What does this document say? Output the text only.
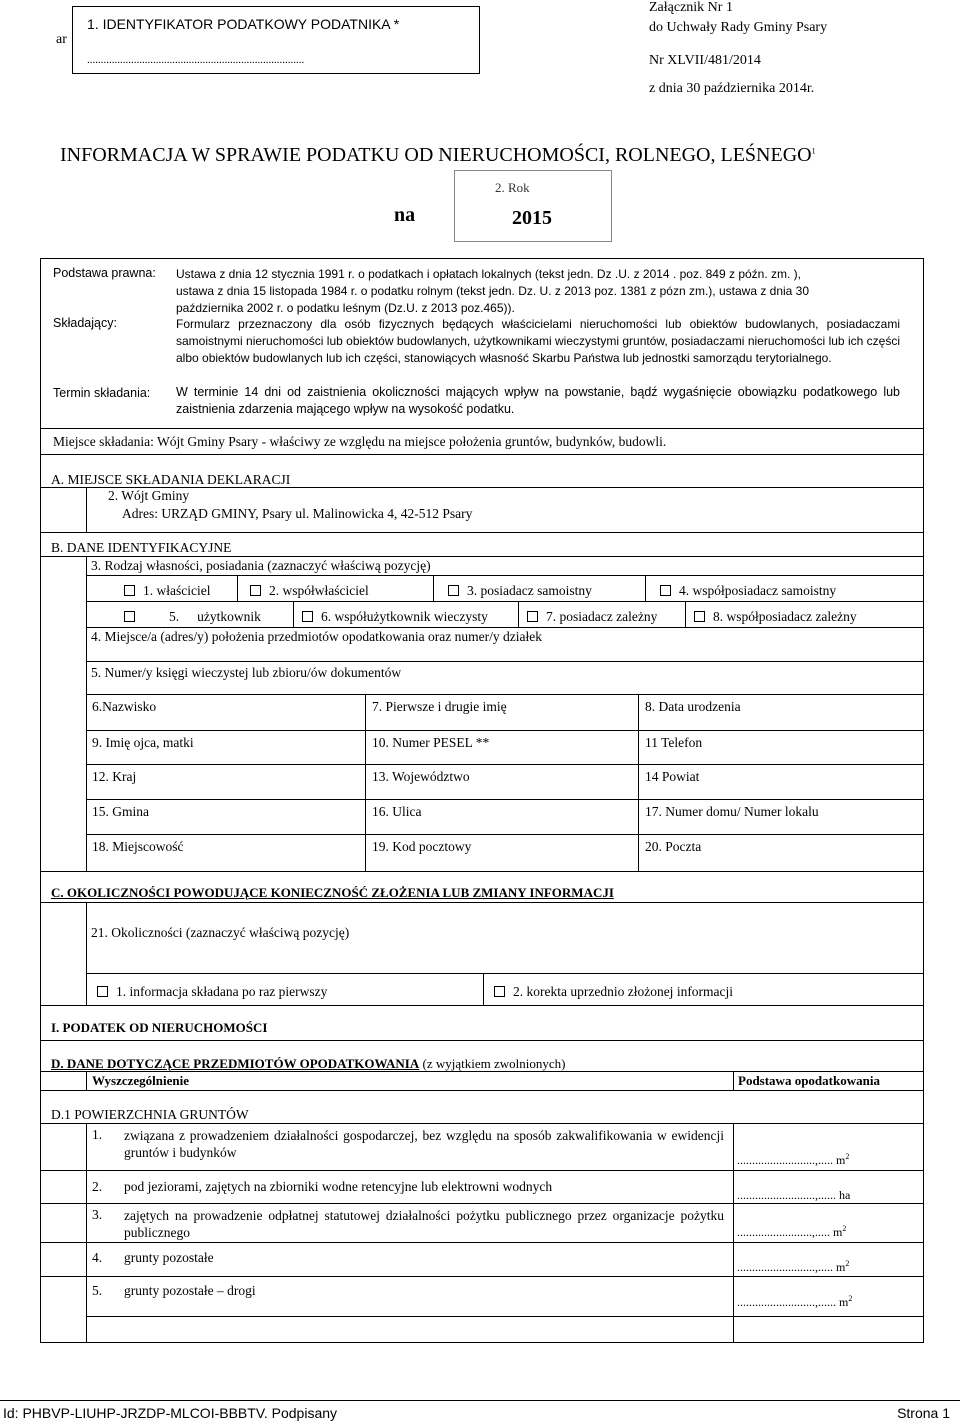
ar
1. IDENTYFIKATOR PODATKOWY PODATNIKA *
...............................................................................
Załącznik Nr 1
do Uchwały Rady Gminy Psary
Nr XLVII/481/2014
z dnia 30 października 2014r.
INFORMACJA W SPRAWIE PODATKU OD NIERUCHOMOŚCI, ROLNEGO, LEŚNEGO$^1$
na
2. Rok
2015
Podstawa prawna: Ustawa z dnia 12 stycznia 1991 r. o podatkach i opłatach lokalnych (tekst jedn. Dz .U. z 2014 . poz. 849 z późn. zm. ),
ustawa z dnia 15 listopada 1984 r. o podatku rolnym (tekst jedn. Dz. U. z 2013 poz. 1381 z pózn zm.), ustawa z dnia 30
października 2002 r. o podatku leśnym (Dz.U. z 2013 poz.465)).
Składający:	Formularz przeznaczony dla osób fizycznych będących właścicielami nieruchomości lub obiektów budowlanych, posiadaczami samoistnymi nieruchomości lub obiektów budowlanych, użytkownikami wieczystymi gruntów, posiadaczami nieruchomości lub ich części albo obiektów budowlanych lub ich części, stanowiących własność Skarbu Państwa lub jednostki samorządu terytorialnego.
Termin składania: W terminie 14 dni od zaistnienia okoliczności mających wpływ na powstanie, bądź wygaśnięcie obowiązku podatkowego lub zaistnienia zdarzenia mającego wpływ na wysokość podatku.
Miejsce składania: Wójt Gminy Psary - właściwy ze względu na miejsce położenia gruntów, budynków, budowli.
A. MIEJSCE SKŁADANIA DEKLARACJI
2. Wójt Gminy
Adres: URZĄD GMINY, Psary ul. Malinowicka 4, 42-512 Psary
B. DANE IDENTYFIKACYJNE
3. Rodzaj własności, posiadania (zaznaczyć właściwą pozycję)
1. właściciel	2. współwłaściciel	3. posiadacz samoistny	4. współposiadacz samoistny
5. użytkownik	6. współużytkownik wieczysty	7. posiadacz zależny	8. współposiadacz zależny
4. Miejsce/a (adres/y) położenia przedmiotów opodatkowania oraz numer/y działek
5. Numer/y księgi wieczystej lub zbioru/ów dokumentów
6.Nazwisko	7. Pierwsze i drugie imię	8. Data urodzenia
9. Imię ojca, matki	10. Numer PESEL **	11 Telefon
12. Kraj	13. Województwo	14 Powiat
15. Gmina	16. Ulica	17. Numer domu/ Numer lokalu
18. Miejscowość	19. Kod pocztowy	20. Poczta
C. OKOLICZNOŚCI POWODUJĄCE KONIECZNOŚĆ ZŁOŻENIA LUB ZMIANY INFORMACJI
21. Okoliczności (zaznaczyć właściwą pozycję)
1. informacja składana po raz pierwszy	2. korekta uprzednio złożonej informacji
I. PODATEK OD NIERUCHOMOŚCI
D. DANE DOTYCZĄCE PRZEDMIOTÓW OPODATKOWANIA (z wyjątkiem zwolnionych)
Wyszczególnienie	Podstawa opodatkowania
D.1 POWIERZCHNIA GRUNTÓW
1. związana z prowadzeniem działalności gospodarczej, bez względu na sposób zakwalifikowania w ewidencji gruntów i budynków	..........................,..... $m^2$
2. pod jeziorami, zajętych na zbiorniki wodne retencyjne lub elektrowni wodnych
..........................,...... ha
3. zajętych na prowadzenie odpłatnej statutowej działalności pożytku publicznego przez organizacje pożytku publicznego	.........................,..... $m^2$
4. grunty pozostałe
..........................,..... $m^2$
5. grunty pozostałe – drogi
..........................,...... $m^2$
Id: PHBVP-LIUHP-JRZDP-MLCOI-BBBTV. Podpisany	Strona 1
